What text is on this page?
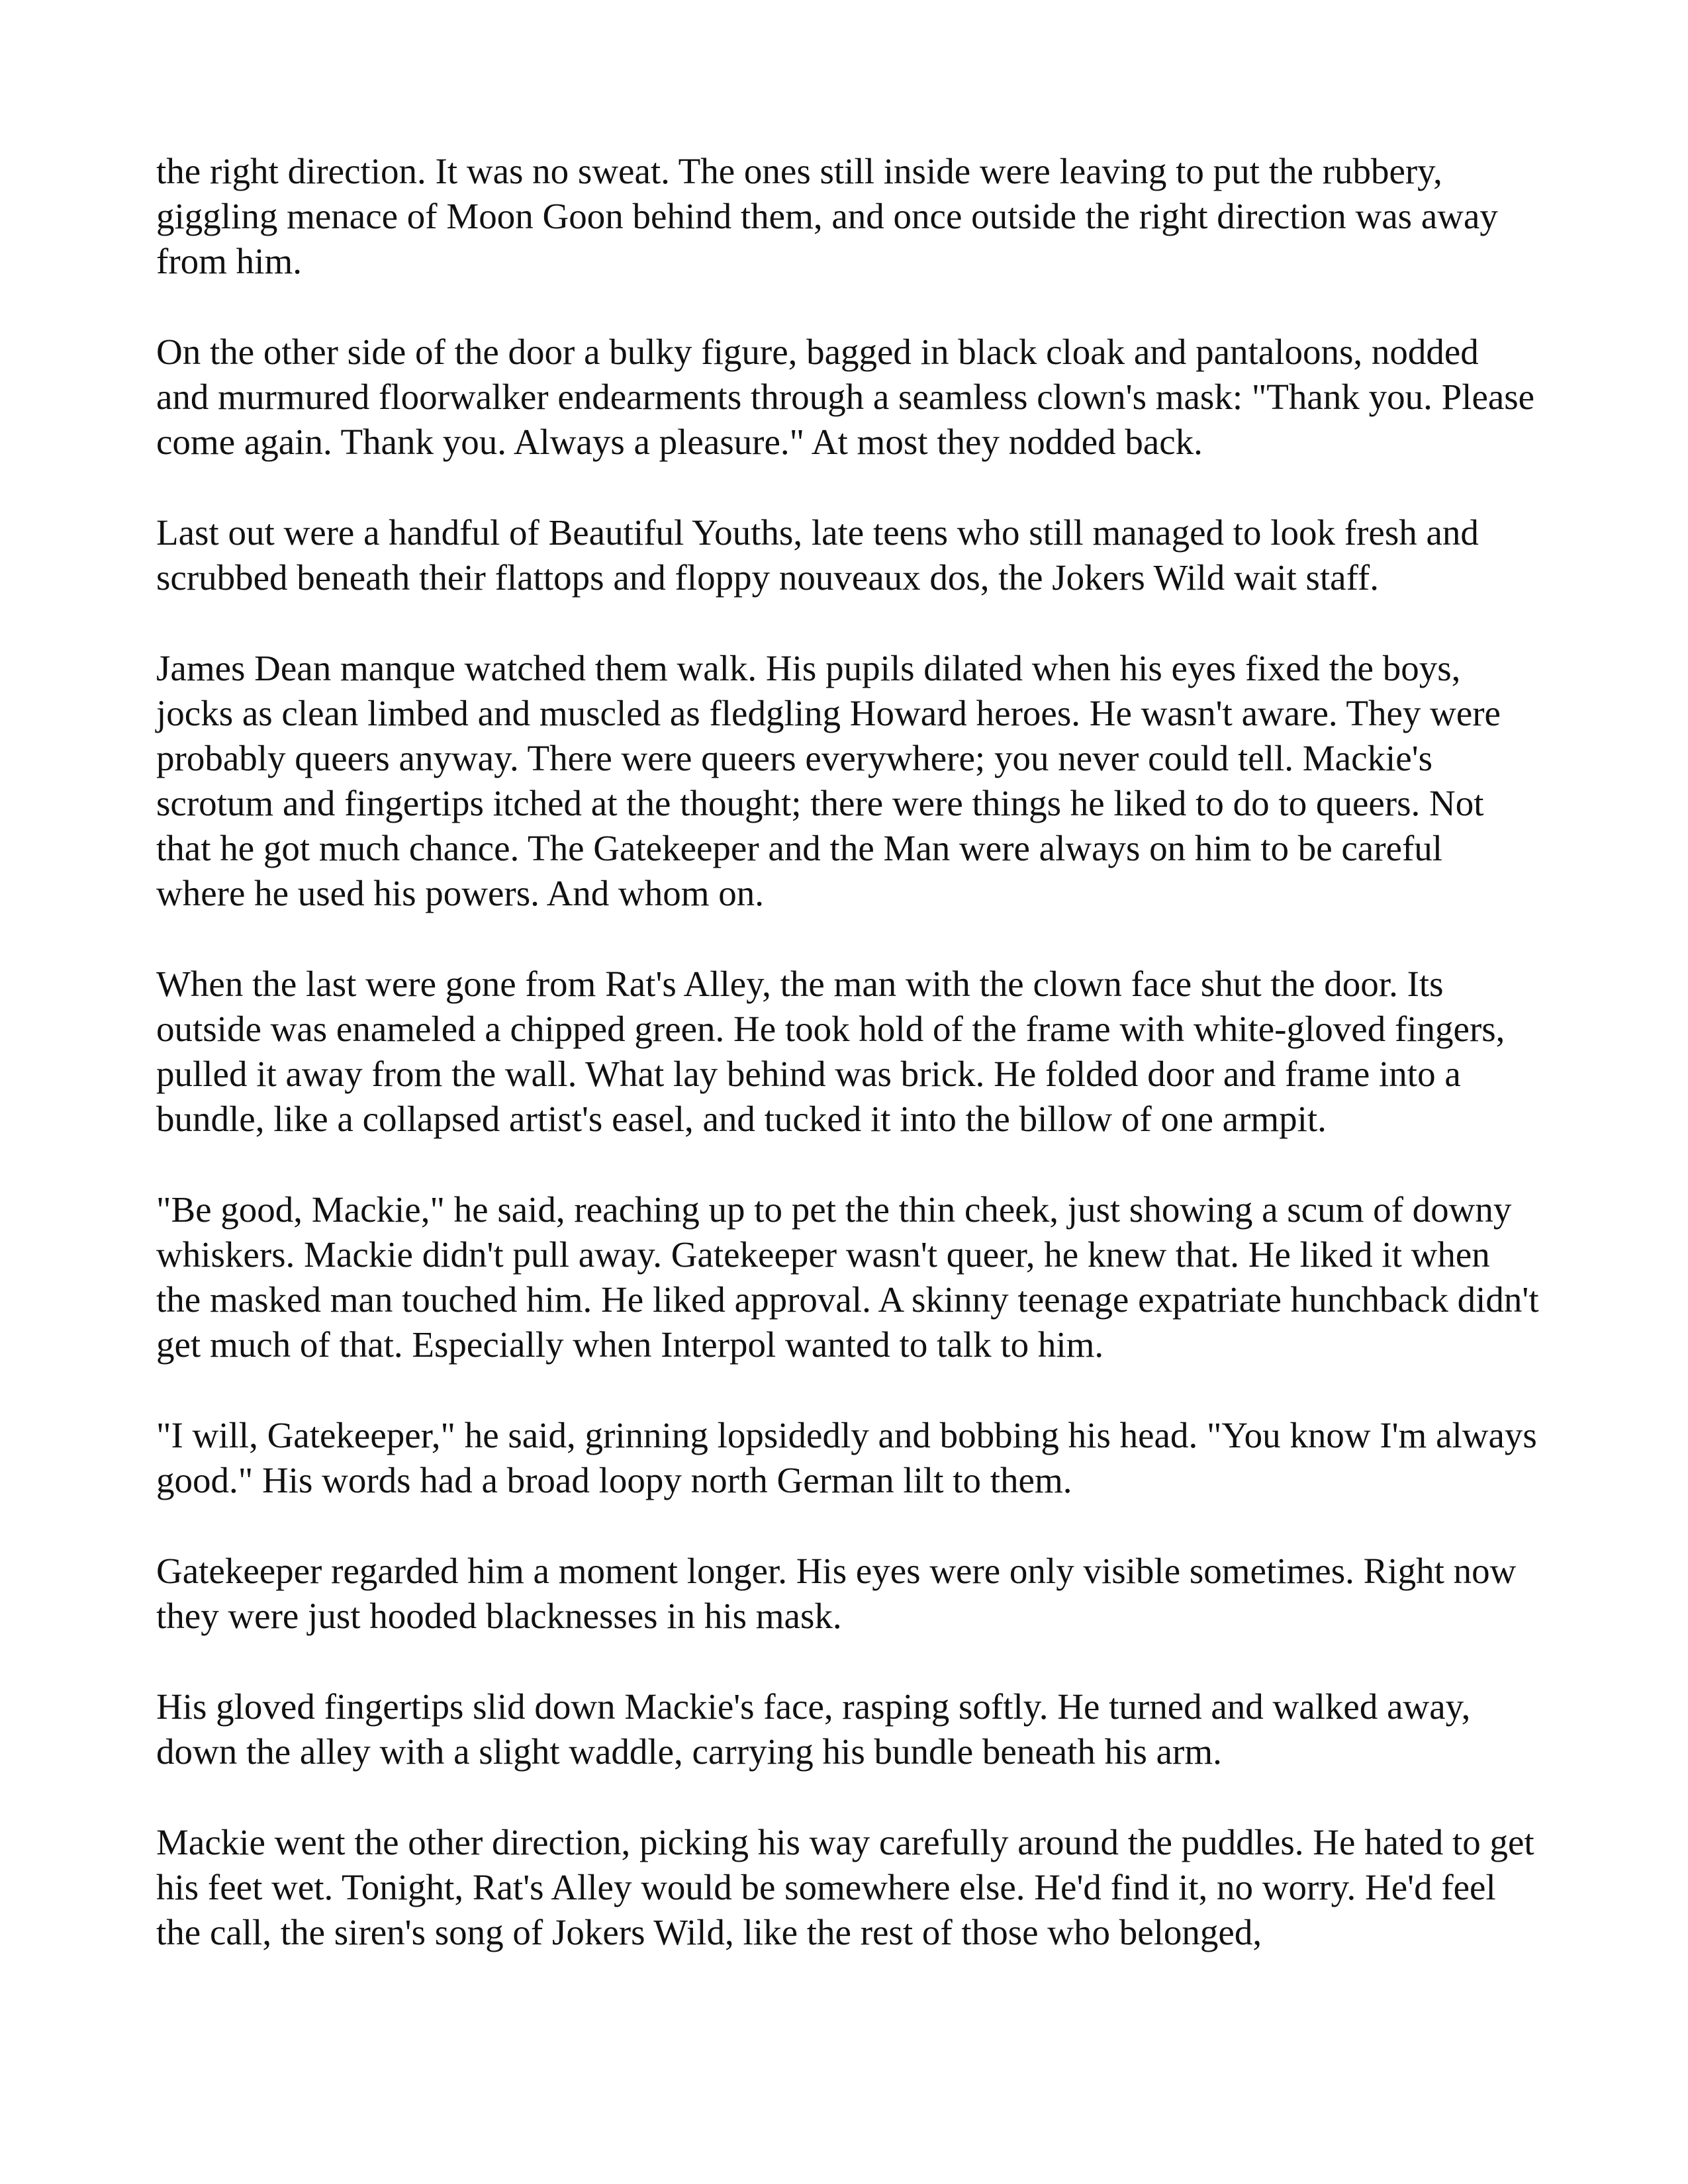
the right direction. It was no sweat. The ones still inside were leaving to put the rubbery, giggling menace of Moon Goon behind them, and once outside the right direction was away from him.

On the other side of the door a bulky figure, bagged in black cloak and pantaloons, nodded and murmured floorwalker endearments through a seamless clown's mask: "Thank you. Please come again. Thank you. Always a pleasure." At most they nodded back.

Last out were a handful of Beautiful Youths, late teens who still managed to look fresh and scrubbed beneath their flattops and floppy nouveaux dos, the Jokers Wild wait staff.

James Dean manque watched them walk. His pupils dilated when his eyes fixed the boys, jocks as clean limbed and muscled as fledgling Howard heroes. He wasn't aware. They were probably queers anyway. There were queers everywhere; you never could tell. Mackie's scrotum and fingertips itched at the thought; there were things he liked to do to queers. Not that he got much chance. The Gatekeeper and the Man were always on him to be careful where he used his powers. And whom on.

When the last were gone from Rat's Alley, the man with the clown face shut the door. Its outside was enameled a chipped green. He took hold of the frame with white-gloved fingers, pulled it away from the wall. What lay behind was brick. He folded door and frame into a bundle, like a collapsed artist's easel, and tucked it into the billow of one armpit.

"Be good, Mackie," he said, reaching up to pet the thin cheek, just showing a scum of downy whiskers. Mackie didn't pull away. Gatekeeper wasn't queer, he knew that. He liked it when the masked man touched him. He liked approval. A skinny teenage expatriate hunchback didn't get much of that. Especially when Interpol wanted to talk to him.

"I will, Gatekeeper," he said, grinning lopsidedly and bobbing his head. "You know I'm always good." His words had a broad loopy north German lilt to them.

Gatekeeper regarded him a moment longer. His eyes were only visible sometimes. Right now they were just hooded blacknesses in his mask.

His gloved fingertips slid down Mackie's face, rasping softly. He turned and walked away, down the alley with a slight waddle, carrying his bundle beneath his arm.

Mackie went the other direction, picking his way carefully around the puddles. He hated to get his feet wet. Tonight, Rat's Alley would be somewhere else. He'd find it, no worry. He'd feel the call, the siren's song of Jokers Wild, like the rest of those who belonged,
